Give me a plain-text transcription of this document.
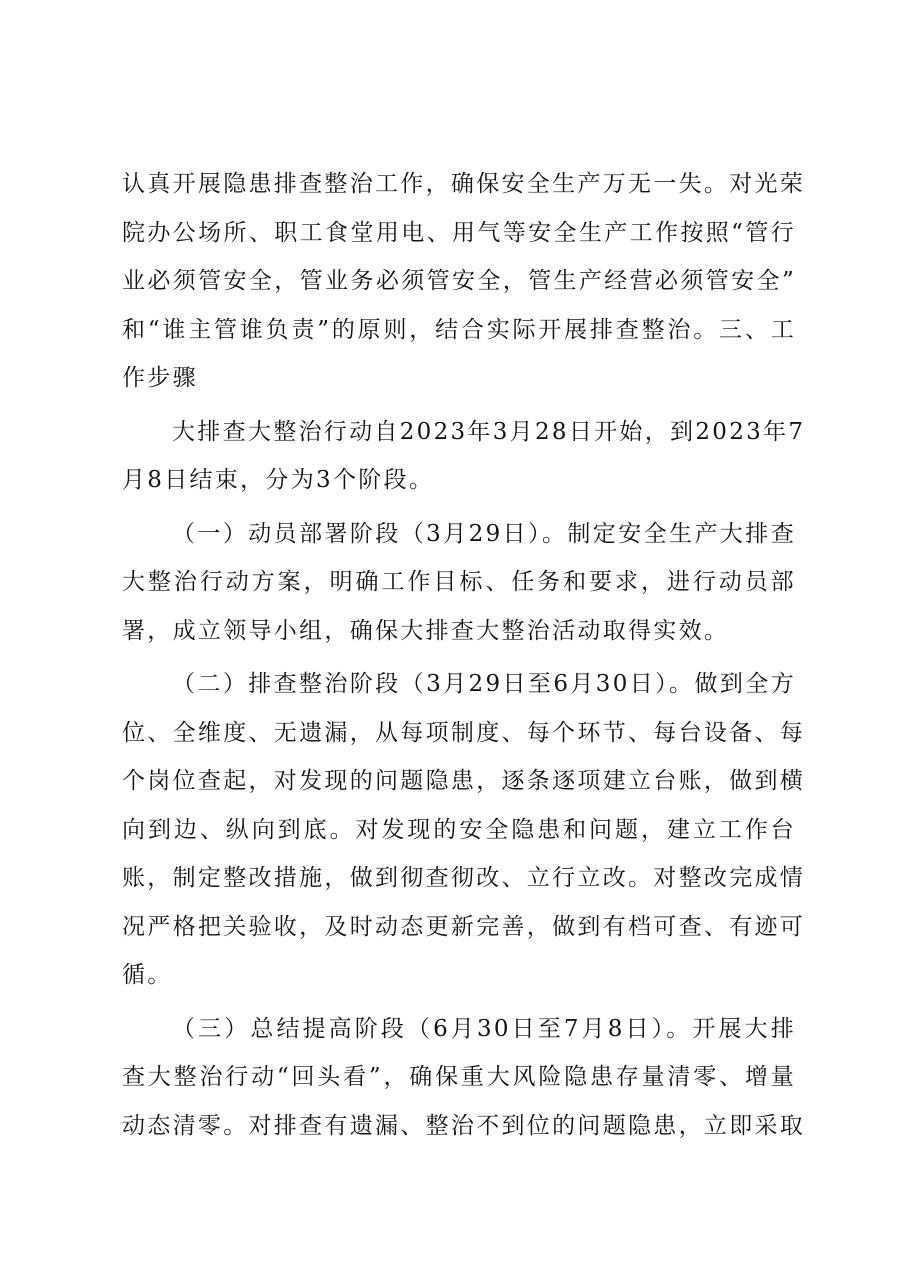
认真开展隐患排查整治工作，确保安全生产万无一失。对光荣
院办公场所、职工食堂用电、用气等安全生产工作按照“管行
业必须管安全，管业务必须管安全，管生产经营必须管安全”
和“谁主管谁负责”的原则，结合实际开展排查整治。三、工
作步骤

大排查大整治行动自2023年3月28日开始，到2023年7
月8日结束，分为3个阶段。

（一）动员部署阶段（3月29日）。制定安全生产大排查
大整治行动方案，明确工作目标、任务和要求，进行动员部
署，成立领导小组，确保大排查大整治活动取得实效。

（二）排查整治阶段（3月29日至6月30日）。做到全方
位、全维度、无遗漏，从每项制度、每个环节、每台设备、每
个岗位查起，对发现的问题隐患，逐条逐项建立台账，做到横
向到边、纵向到底。对发现的安全隐患和问题，建立工作台
账，制定整改措施，做到彻查彻改、立行立改。对整改完成情
况严格把关验收，及时动态更新完善，做到有档可查、有迹可
循。

（三）总结提高阶段（6月30日至7月8日）。开展大排
查大整治行动“回头看”，确保重大风险隐患存量清零、增量
动态清零。对排查有遗漏、整治不到位的问题隐患，立即采取
